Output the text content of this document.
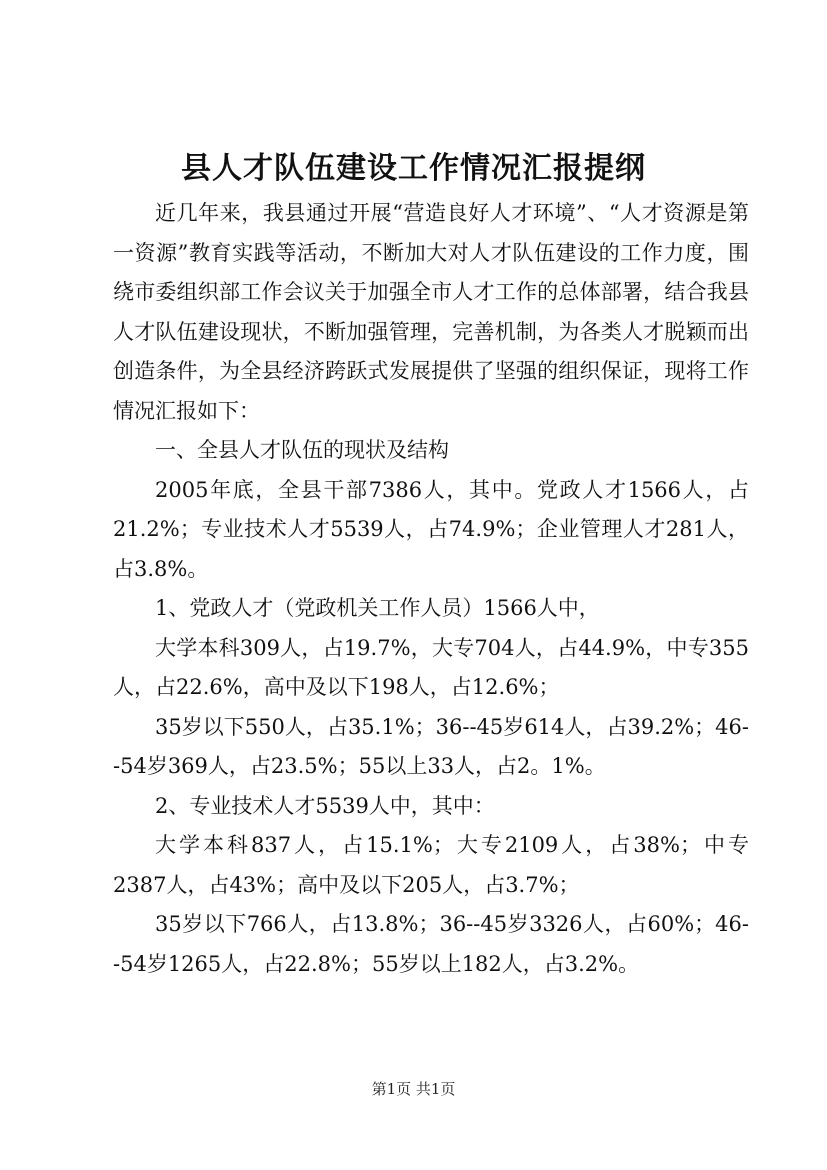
县人才队伍建设工作情况汇报提纲

近几年来，我县通过开展“营造良好人才环境”、“人才资源是第一资源”教育实践等活动，不断加大对人才队伍建设的工作力度，围绕市委组织部工作会议关于加强全市人才工作的总体部署，结合我县人才队伍建设现状，不断加强管理，完善机制，为各类人才脱颖而出创造条件，为全县经济跨跃式发展提供了坚强的组织保证，现将工作情况汇报如下：

一、全县人才队伍的现状及结构

2005年底，全县干部7386人，其中。党政人才1566人，占21.2%；专业技术人才5539人，占74.9%；企业管理人才281人，占3.8%。

1、党政人才（党政机关工作人员）1566人中，

大学本科309人，占19.7%，大专704人，占44.9%，中专355人，占22.6%，高中及以下198人，占12.6%；

35岁以下550人，占35.1%；36--45岁614人，占39.2%；46--54岁369人，占23.5%；55以上33人，占2。1%。

2、专业技术人才5539人中，其中：

大学本科837人，占15.1%；大专2109人，占38%；中专2387人，占43%；高中及以下205人，占3.7%；

35岁以下766人，占13.8%；36--45岁3326人，占60%；46--54岁1265人，占22.8%；55岁以上182人，占3.2%。

第1页 共1页
